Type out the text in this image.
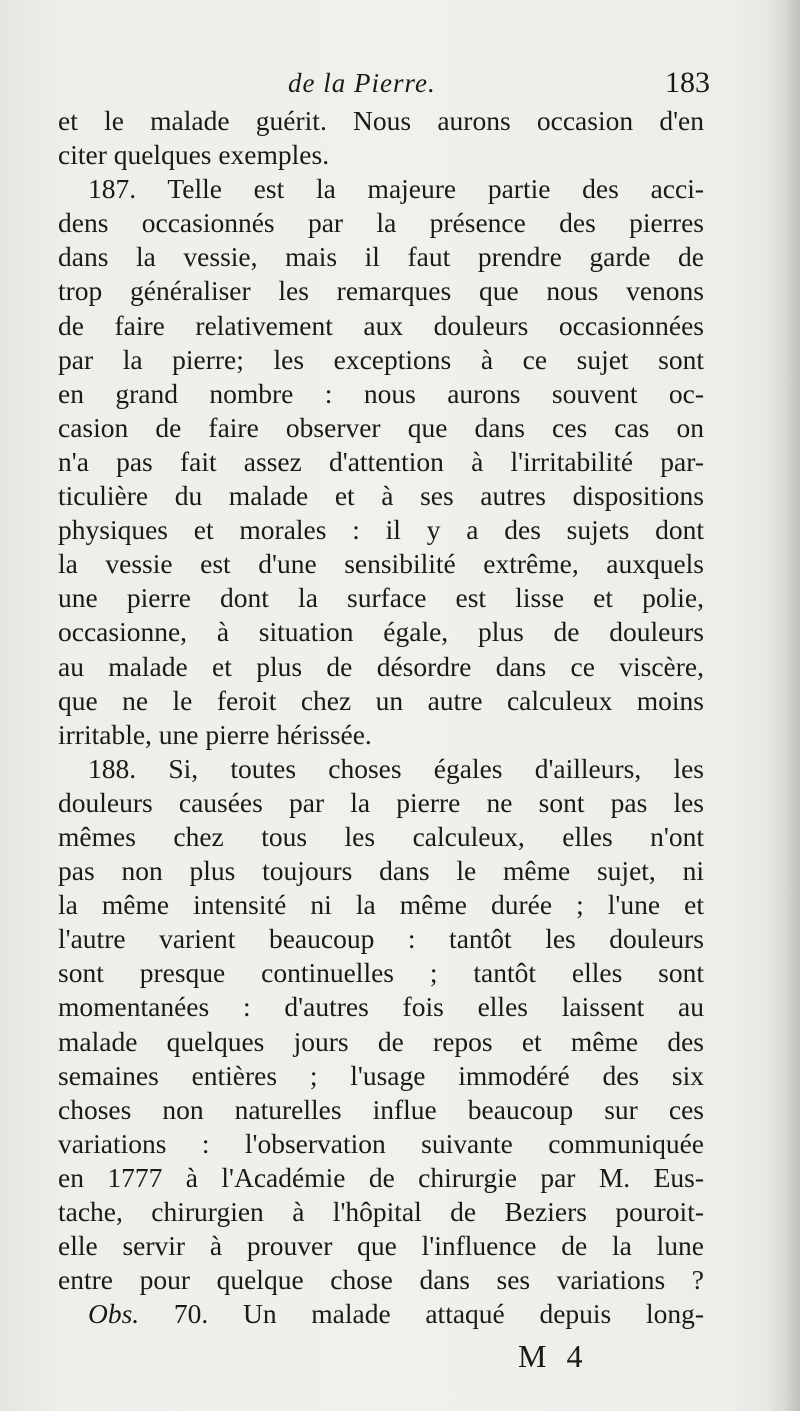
de la Pierre.	183
et le malade guérit. Nous aurons occasion d'en
citer quelques exemples.
187. Telle est la majeure partie des acci-
dens occasionnés par la présence des pierres
dans la vessie, mais il faut prendre garde de
trop généraliser les remarques que nous venons
de faire relativement aux douleurs occasionnées
par la pierre; les exceptions à ce sujet sont
en grand nombre : nous aurons souvent oc-
casion de faire observer que dans ces cas on
n'a pas fait assez d'attention à l'irritabilité par-
ticulière du malade et à ses autres dispositions
physiques et morales : il y a des sujets dont
la vessie est d'une sensibilité extrême, auxquels
une pierre dont la surface est lisse et polie,
occasionne, à situation égale, plus de douleurs
au malade et plus de désordre dans ce viscère,
que ne le feroit chez un autre calculeux moins
irritable, une pierre hérissée.
188. Si, toutes choses égales d'ailleurs, les
douleurs causées par la pierre ne sont pas les
mêmes chez tous les calculeux, elles n'ont
pas non plus toujours dans le même sujet, ni
la même intensité ni la même durée ; l'une et
l'autre varient beaucoup : tantôt les douleurs
sont presque continuelles ; tantôt elles sont
momentanées : d'autres fois elles laissent au
malade quelques jours de repos et même des
semaines entières ; l'usage immodéré des six
choses non naturelles influe beaucoup sur ces
variations : l'observation suivante communiquée
en 1777 à l'Académie de chirurgie par M. Eus-
tache, chirurgien à l'hôpital de Beziers pouroit-
elle servir à prouver que l'influence de la lune
entre pour quelque chose dans ses variations ?
Obs. 70. Un malade attaqué depuis long-
M 4
